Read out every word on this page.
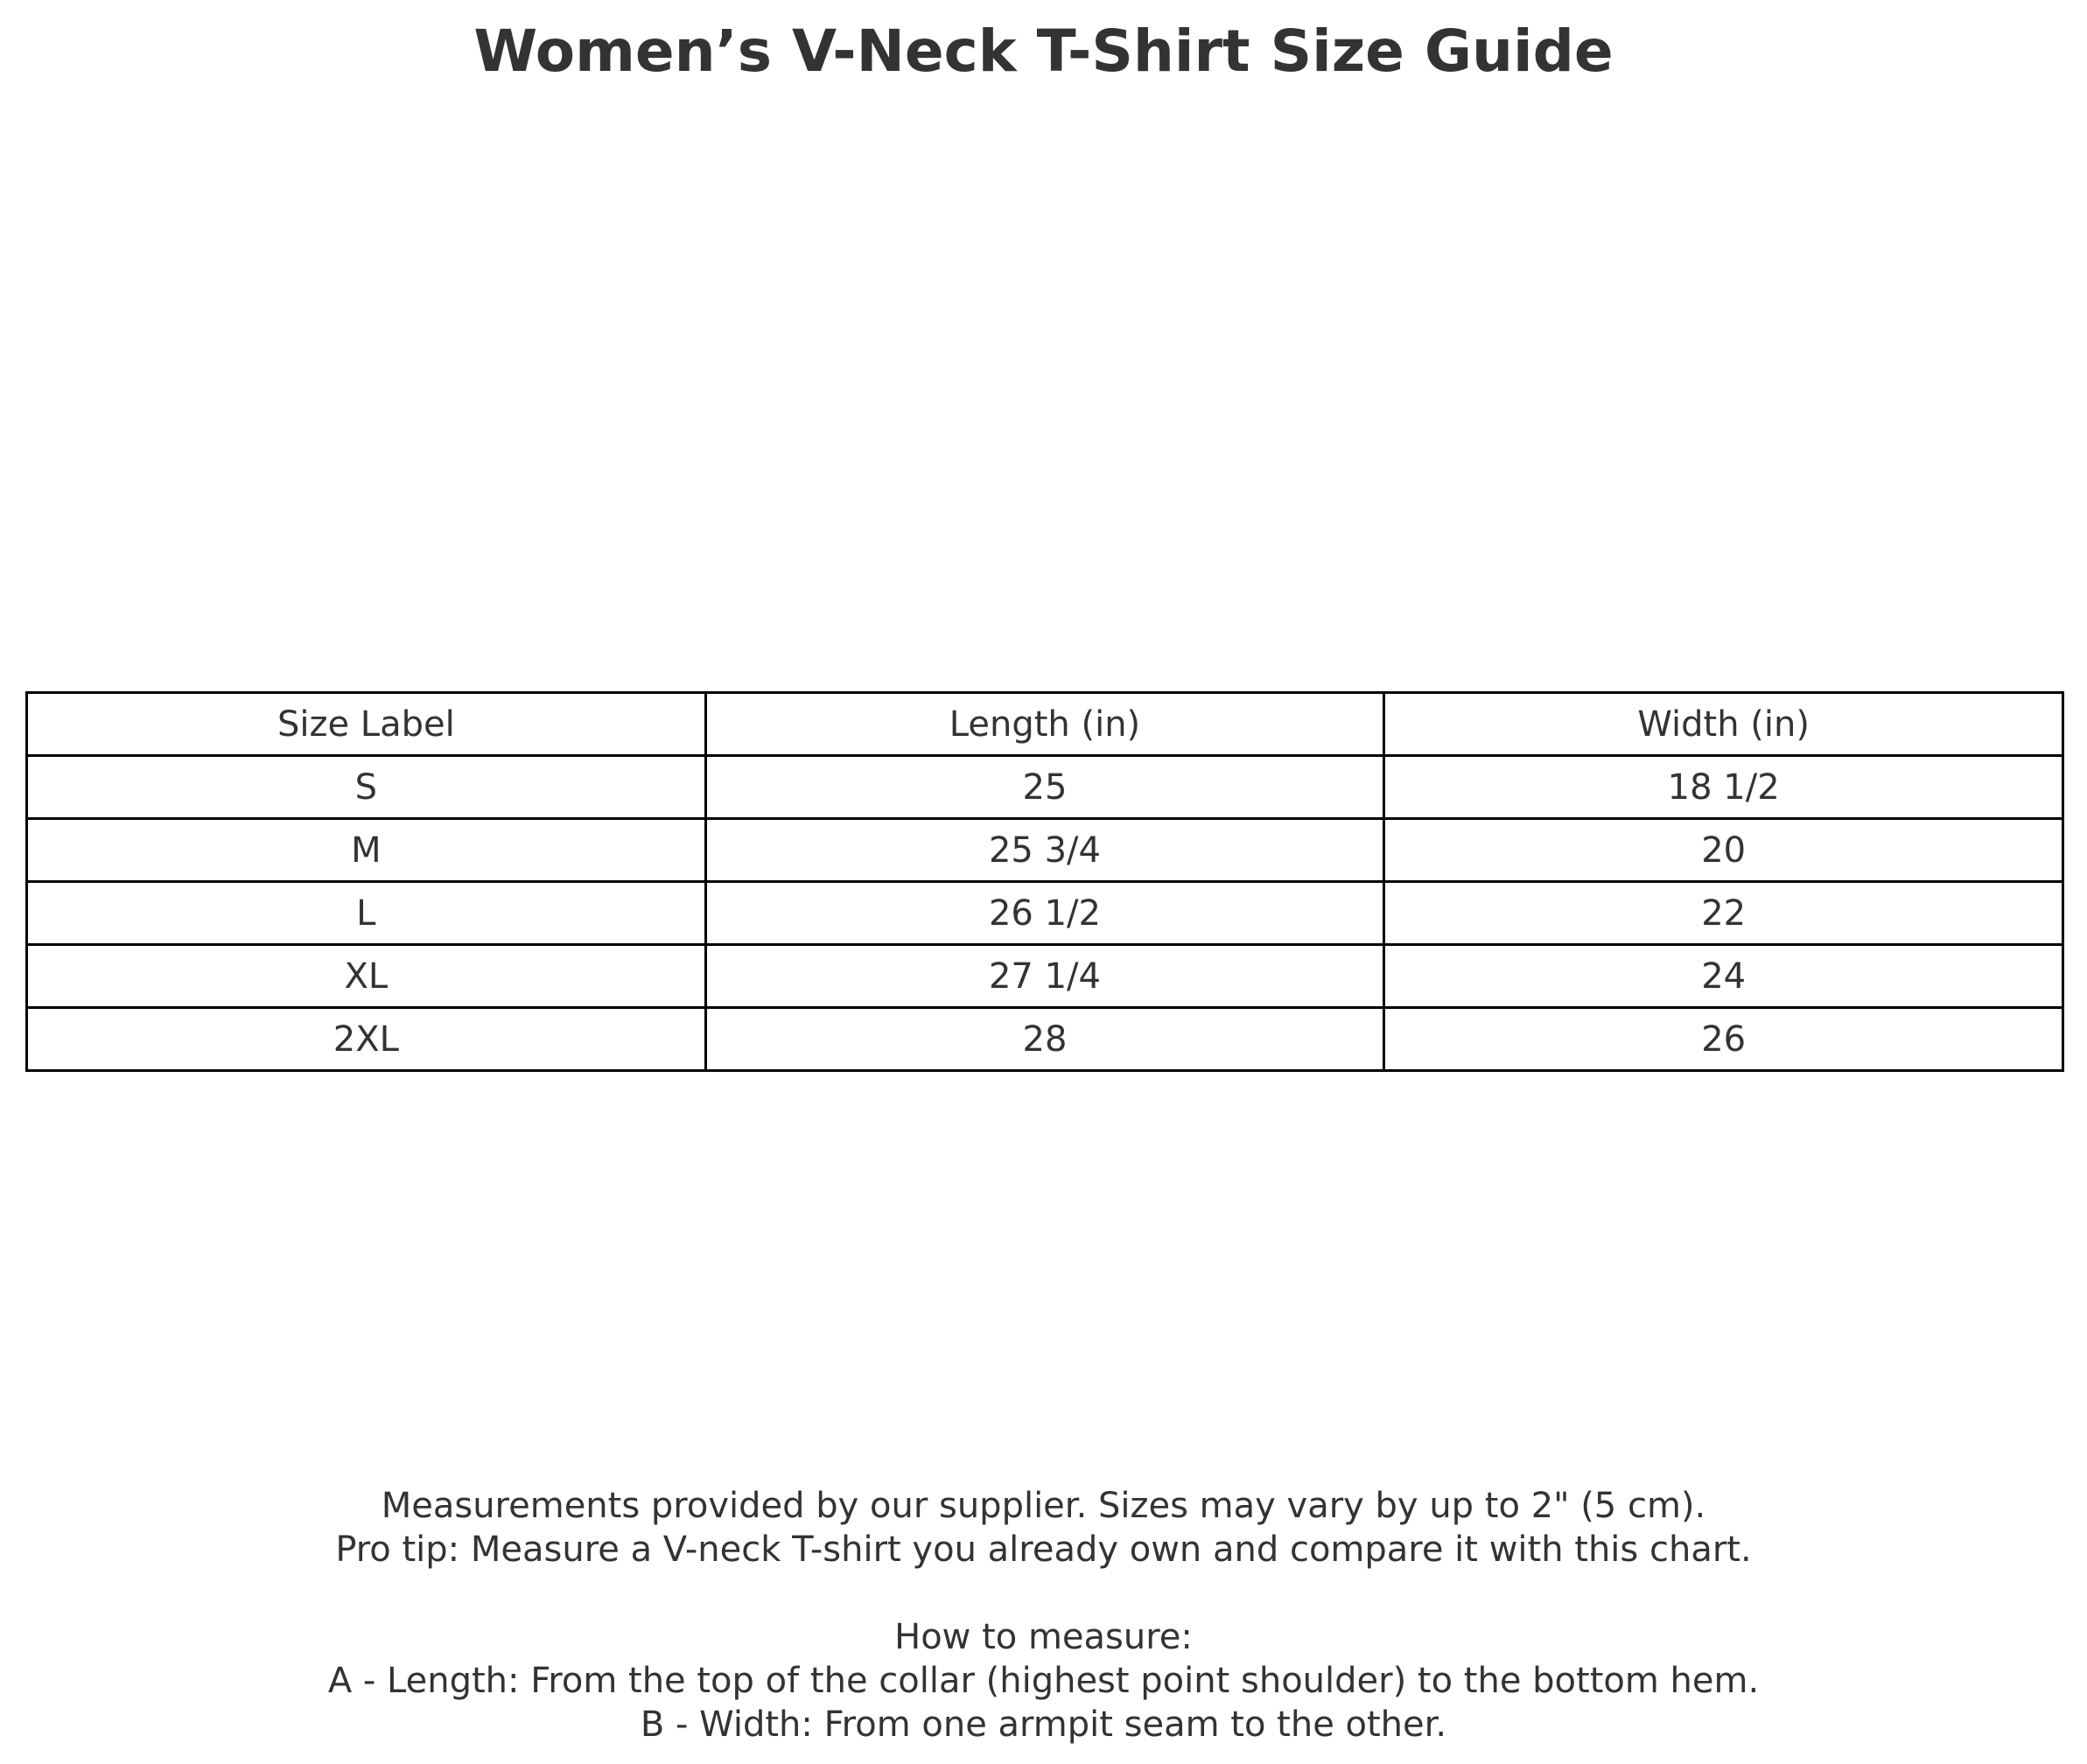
Women’s V-Neck T-Shirt Size Guide
Size Label	Length (in)	Width (in)
S	25	18 1/2
M	25 3/4	20
L	26 1/2	22
XL	27 1/4	24
2XL	28	26
Measurements provided by our supplier. Sizes may vary by up to 2" (5 cm).
Pro tip: Measure a V-neck T-shirt you already own and compare it with this chart.
How to measure:
A - Length: From the top of the collar (highest point shoulder) to the bottom hem.
B - Width: From one armpit seam to the other.
